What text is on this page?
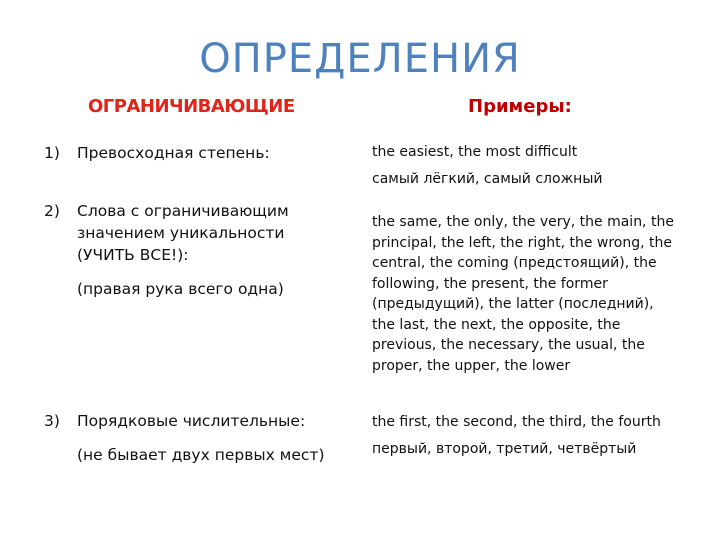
ОПРЕДЕЛЕНИЯ
ОГРАНИЧИВАЮЩИЕ	Примеры:
1) Превосходная степень:	the easiest, the most difficult
самый лёгкий, самый сложный
2) Слова с ограничивающим значением уникальности (УЧИТЬ ВСЕ!):
(правая рука всего одна)
the same, the only, the very, the main, the principal, the left, the right, the wrong, the central, the coming (предстоящий), the following, the present, the former (предыдущий), the latter (последний), the last, the next, the opposite, the previous, the necessary, the usual, the proper, the upper, the lower
3) Порядковые числительные:
(не бывает двух первых мест)
the first, the second, the third, the fourth
первый, второй, третий, четвёртый
